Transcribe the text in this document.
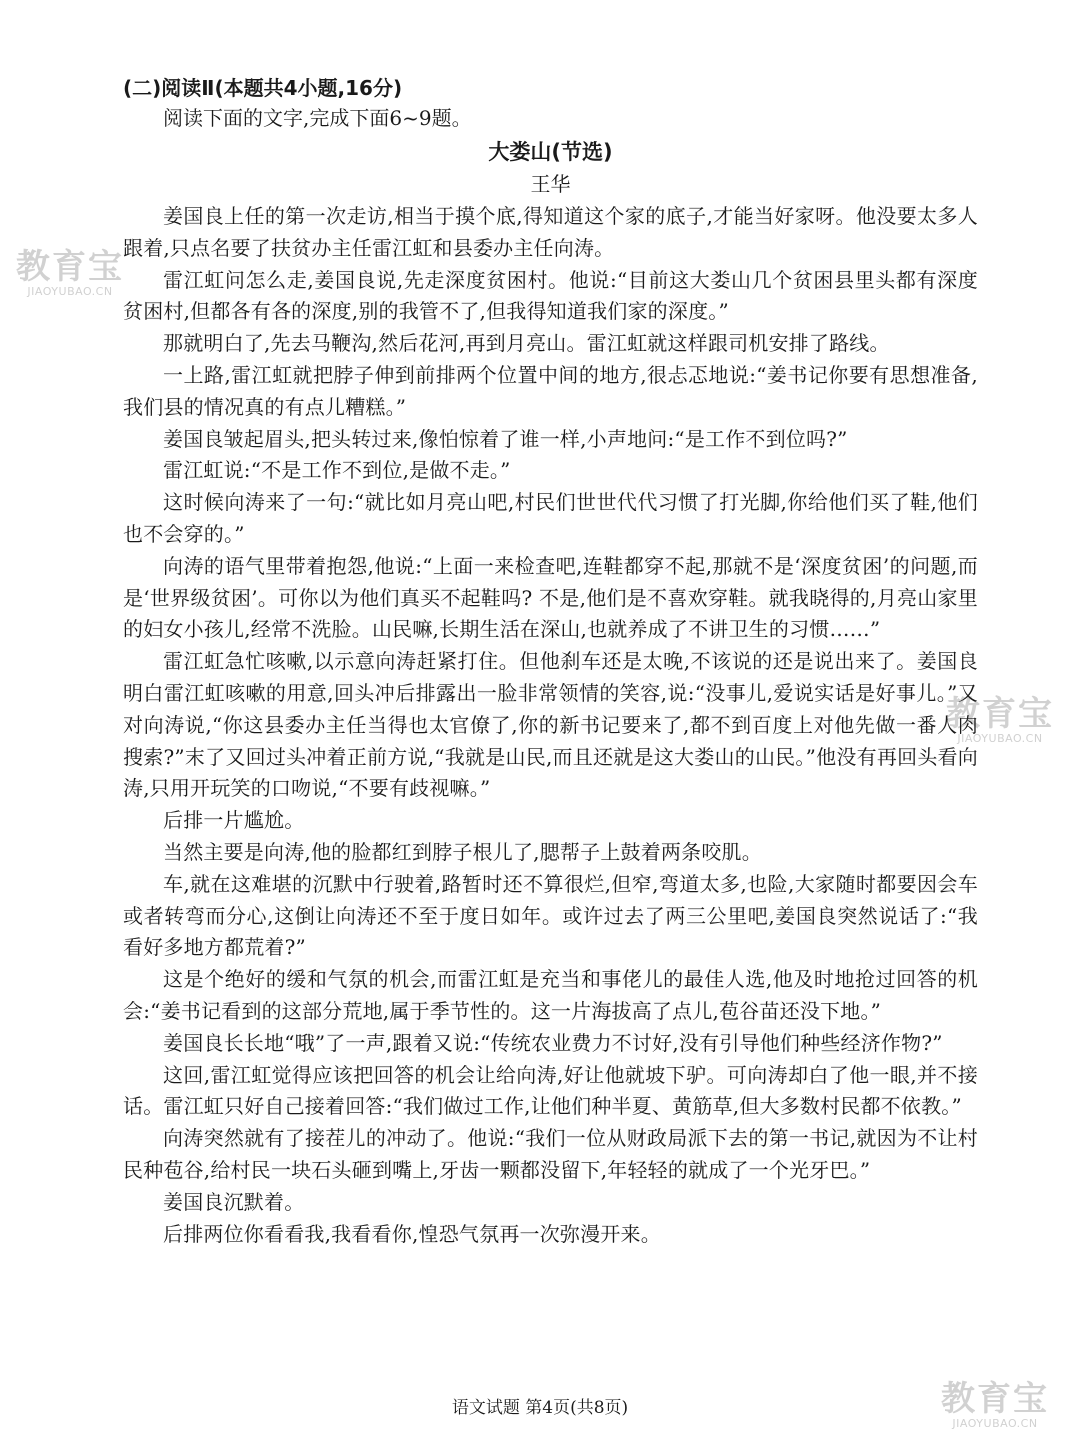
教育宝
JIAOYUBAO.CN
教育宝
JIAOYUBAO.CN

(二)阅读Ⅱ(本题共4小题,16分)

阅读下面的文字,完成下面6~9题。

大娄山(节选)

王华

姜国良上任的第一次走访,相当于摸个底,得知道这个家的底子,才能当好家呀。他没要太多人跟着,只点名要了扶贫办主任雷江虹和县委办主任向涛。

雷江虹问怎么走,姜国良说,先走深度贫困村。他说:“目前这大娄山几个贫困县里头都有深度贫困村,但都各有各的深度,别的我管不了,但我得知道我们家的深度。”

那就明白了,先去马鞭沟,然后花河,再到月亮山。雷江虹就这样跟司机安排了路线。

一上路,雷江虹就把脖子伸到前排两个位置中间的地方,很忐忑地说:“姜书记你要有思想准备,我们县的情况真的有点儿糟糕。”

姜国良皱起眉头,把头转过来,像怕惊着了谁一样,小声地问:“是工作不到位吗?”

雷江虹说:“不是工作不到位,是做不走。”

这时候向涛来了一句:“就比如月亮山吧,村民们世世代代习惯了打光脚,你给他们买了鞋,他们也不会穿的。”

向涛的语气里带着抱怨,他说:“上面一来检查吧,连鞋都穿不起,那就不是‘深度贫困’的问题,而是‘世界级贫困’。可你以为他们真买不起鞋吗? 不是,他们是不喜欢穿鞋。就我晓得的,月亮山家里的妇女小孩儿,经常不洗脸。山民嘛,长期生活在深山,也就养成了不讲卫生的习惯……”

雷江虹急忙咳嗽,以示意向涛赶紧打住。但他刹车还是太晚,不该说的还是说出来了。姜国良明白雷江虹咳嗽的用意,回头冲后排露出一脸非常领情的笑容,说:“没事儿,爱说实话是好事儿。”又对向涛说,“你这县委办主任当得也太官僚了,你的新书记要来了,都不到百度上对他先做一番人肉搜索?”末了又回过头冲着正前方说,“我就是山民,而且还就是这大娄山的山民。”他没有再回头看向涛,只用开玩笑的口吻说,“不要有歧视嘛。”

后排一片尴尬。

当然主要是向涛,他的脸都红到脖子根儿了,腮帮子上鼓着两条咬肌。

车,就在这难堪的沉默中行驶着,路暂时还不算很烂,但窄,弯道太多,也险,大家随时都要因会车或者转弯而分心,这倒让向涛还不至于度日如年。或许过去了两三公里吧,姜国良突然说话了:“我看好多地方都荒着?”

这是个绝好的缓和气氛的机会,而雷江虹是充当和事佬儿的最佳人选,他及时地抢过回答的机会:“姜书记看到的这部分荒地,属于季节性的。这一片海拔高了点儿,苞谷苗还没下地。”

姜国良长长地“哦”了一声,跟着又说:“传统农业费力不讨好,没有引导他们种些经济作物?”

这回,雷江虹觉得应该把回答的机会让给向涛,好让他就坡下驴。可向涛却白了他一眼,并不接话。雷江虹只好自己接着回答:“我们做过工作,让他们种半夏、黄筋草,但大多数村民都不依教。”

向涛突然就有了接茬儿的冲动了。他说:“我们一位从财政局派下去的第一书记,就因为不让村民种苞谷,给村民一块石头砸到嘴上,牙齿一颗都没留下,年轻轻的就成了一个光牙巴。”

姜国良沉默着。

后排两位你看看我,我看看你,惶恐气氛再一次弥漫开来。

语文试题 第4页(共8页)	教育宝
JIAOYUBAO.CN
